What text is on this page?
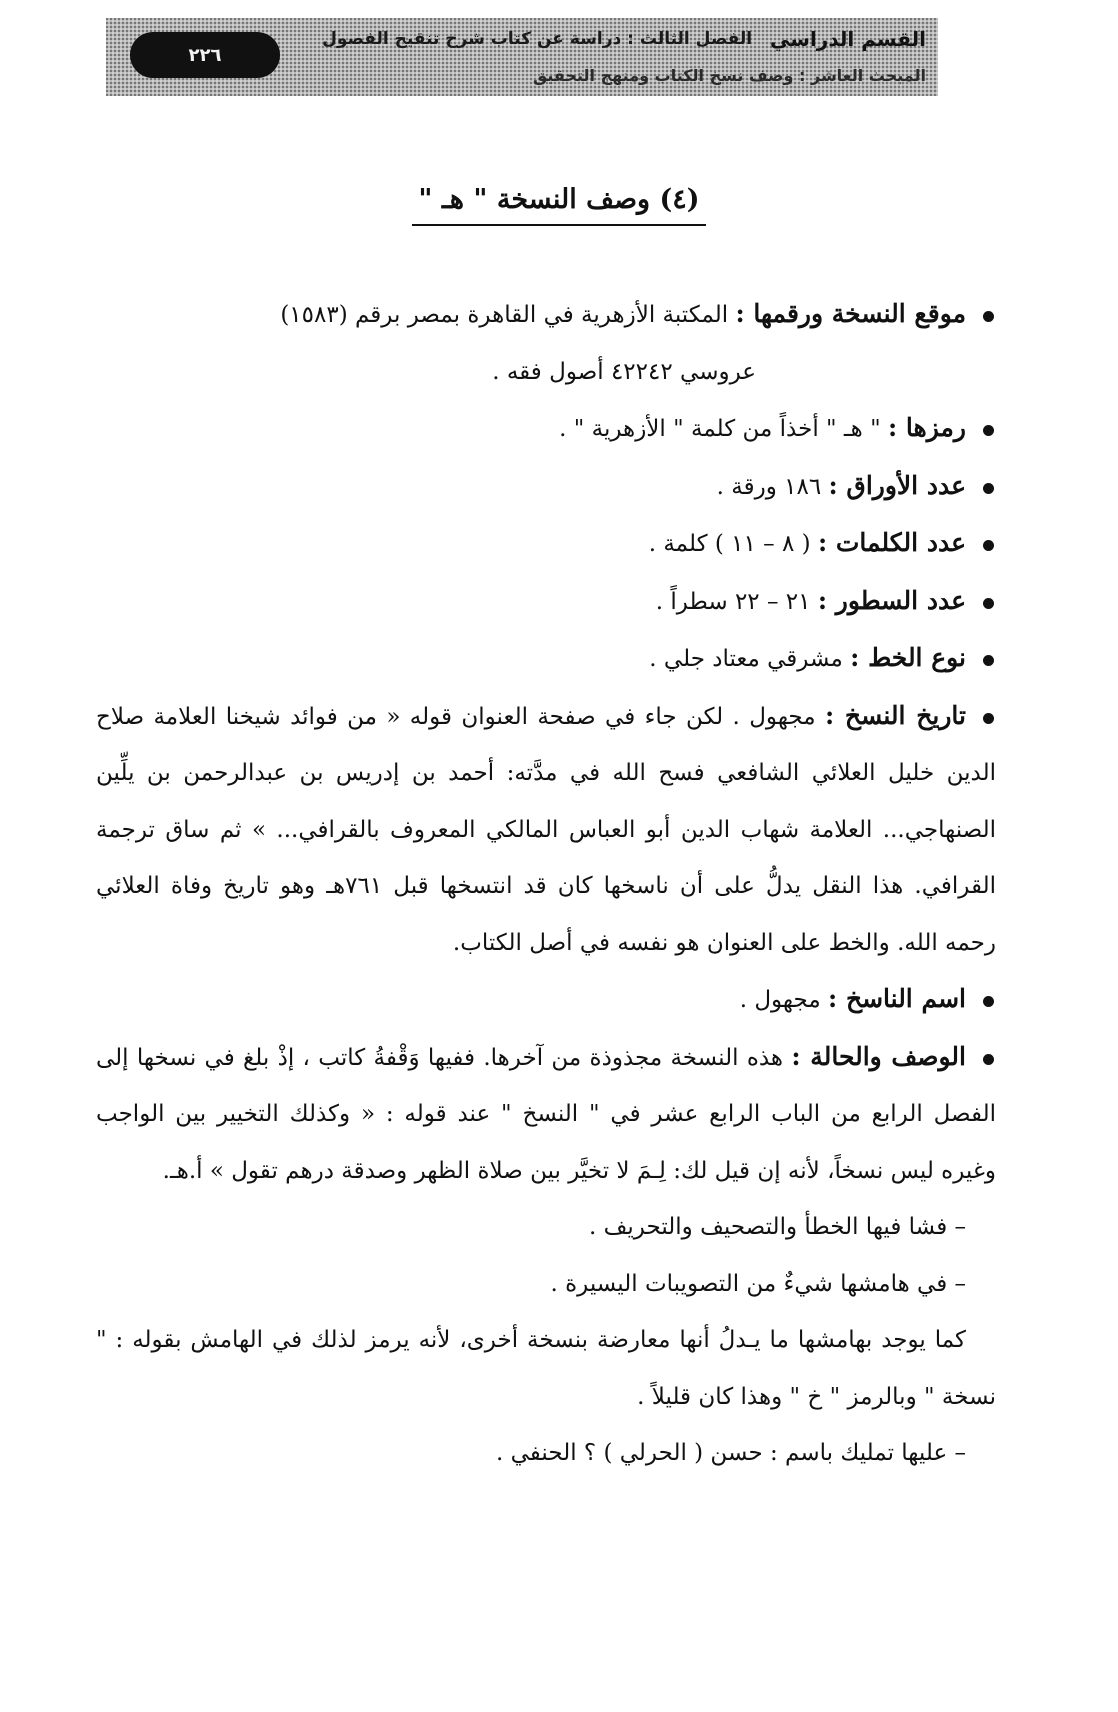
القسم الدراسي
الفصل الثالث : دراسة عن كتاب شرح تنقيح الفصول
المبحث العاشر : وصف نسخ الكتاب ومنهج التحقيق
٢٢٦
(٤) وصف النسخة " هـ "

موقع النسخة ورقمها : المكتبة الأزهرية في القاهرة بمصر برقم (١٥٨٣)

عروسي ٤٢٢٤٢ أصول فقه .

رمزها : " هـ " أخذاً من كلمة " الأزهرية " .

عدد الأوراق : ١٨٦ ورقة .

عدد الكلمات : ( ٨ – ١١ ) كلمة .

عدد السطور : ٢١ – ٢٢ سطراً .

نوع الخط : مشرقي معتاد جلي .

تاريخ النسخ : مجهول . لكن جاء في صفحة العنوان قوله « من فوائد شيخنا العلامة صلاح الدين خليل العلائي الشافعي فسح الله في مدَّته: أحمد بن إدريس بن عبدالرحمن بن يلِّين الصنهاجي... العلامة شهاب الدين أبو العباس المالكي المعروف بالقرافي... » ثم ساق ترجمة القرافي. هذا النقل يدلُّ على أن ناسخها كان قد انتسخها قبل ٧٦١هـ وهو تاريخ وفاة العلائي رحمه الله. والخط على العنوان هو نفسه في أصل الكتاب.

اسم الناسخ : مجهول .

الوصف والحالة : هذه النسخة مجذوذة من آخرها. ففيها وَقْفةُ كاتب ، إذْ بلغ في نسخها إلى الفصل الرابع من الباب الرابع عشر في " النسخ " عند قوله : « وكذلك التخيير بين الواجب وغيره ليس نسخاً، لأنه إن قيل لك: لِـمَ لا تخيَّر بين صلاة الظهر وصدقة درهم تقول » أ.هـ.

– فشا فيها الخطأ والتصحيف والتحريف .

– في هامشها شيءٌ من التصويبات اليسيرة .

كما يوجد بهامشها ما يـدلُ أنها معارضة بنسخة أخرى، لأنه يرمز لذلك في الهامش بقوله : " نسخة " وبالرمز " خ " وهذا كان قليلاً .

– عليها تمليك باسم : حسن ( الحرلي ) ؟ الحنفي .
